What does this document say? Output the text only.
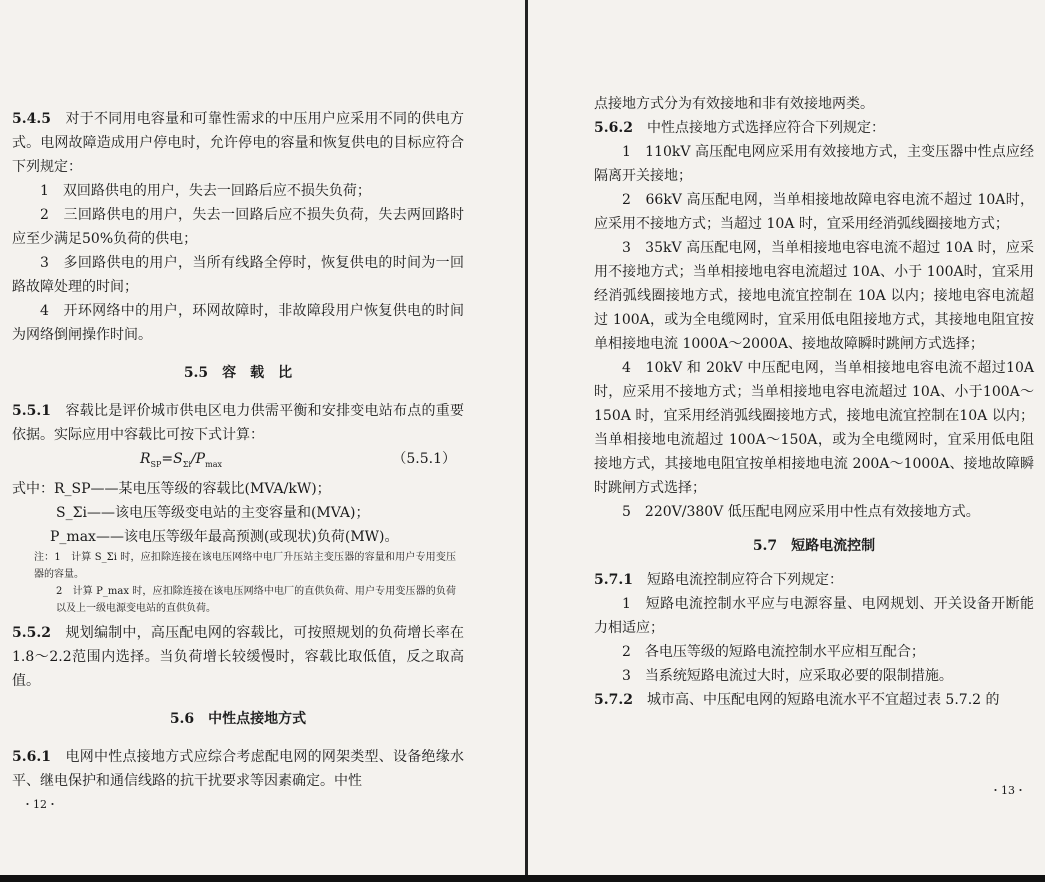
5.4.5　 对于不同用电容量和可靠性需求的中压用户应采用不同的供电方式。电网故障造成用户停电时，允许停电的容量和恢复供电的目标应符合下列规定：

1　双回路供电的用户，失去一回路后应不损失负荷；

2　三回路供电的用户，失去一回路后应不损失负荷，失去两回路时应至少满足50%负荷的供电；

3　多回路供电的用户，当所有线路全停时，恢复供电的时间为一回路故障处理的时间；

4　开环网络中的用户，环网故障时，非故障段用户恢复供电的时间为网络倒闸操作时间。

5.5　容　载　比

5.5.1　 容载比是评价城市供电区电力供需平衡和安排变电站布点的重要依据。实际应用中容载比可按下式计算：

$R_{SP}=S_{\Sigma i}/P_{max}$	（5.5.1）

式中：R_SP——某电压等级的容载比(MVA/kW)；

S_Σi——该电压等级变电站的主变容量和(MVA)；

P_max——该电压等级年最高预测(或现状)负荷(MW)。

注：1　计算 S_Σi 时，应扣除连接在该电压网络中电厂升压站主变压器的容量和用户专用变压器的容量。

2　计算 P_max 时，应扣除连接在该电压网络中电厂的直供负荷、用户专用变压器的负荷以及上一级电源变电站的直供负荷。

5.5.2　 规划编制中，高压配电网的容载比，可按照规划的负荷增长率在1.8～2.2范围内选择。当负荷增长较缓慢时，容载比取低值，反之取高值。

5.6　中性点接地方式

5.6.1　 电网中性点接地方式应综合考虑配电网的网架类型、设备绝缘水平、继电保护和通信线路的抗干扰要求等因素确定。中性

・12・

点接地方式分为有效接地和非有效接地两类。

5.6.2　 中性点接地方式选择应符合下列规定：

1　110kV 高压配电网应采用有效接地方式，主变压器中性点应经隔离开关接地；

2　66kV 高压配电网，当单相接地故障电容电流不超过 10A时，应采用不接地方式；当超过 10A 时，宜采用经消弧线圈接地方式；

3　35kV 高压配电网，当单相接地电容电流不超过 10A 时，应采用不接地方式；当单相接地电容电流超过 10A、小于 100A时，宜采用经消弧线圈接地方式，接地电流宜控制在 10A 以内；接地电容电流超过 100A，或为全电缆网时，宜采用低电阻接地方式，其接地电阻宜按单相接地电流 1000A～2000A、接地故障瞬时跳闸方式选择；

4　10kV 和 20kV 中压配电网，当单相接地电容电流不超过10A 时，应采用不接地方式；当单相接地电容电流超过 10A、小于100A～150A 时，宜采用经消弧线圈接地方式，接地电流宜控制在10A 以内；当单相接地电流超过 100A～150A，或为全电缆网时，宜采用低电阻接地方式，其接地电阻宜按单相接地电流 200A～1000A、接地故障瞬时跳闸方式选择；

5　220V/380V 低压配电网应采用中性点有效接地方式。

5.7　短路电流控制

5.7.1　 短路电流控制应符合下列规定：

1　短路电流控制水平应与电源容量、电网规划、开关设备开断能力相适应；

2　各电压等级的短路电流控制水平应相互配合；

3　当系统短路电流过大时，应采取必要的限制措施。

5.7.2　 城市高、中压配电网的短路电流水平不宜超过表 5.7.2 的

・13・
